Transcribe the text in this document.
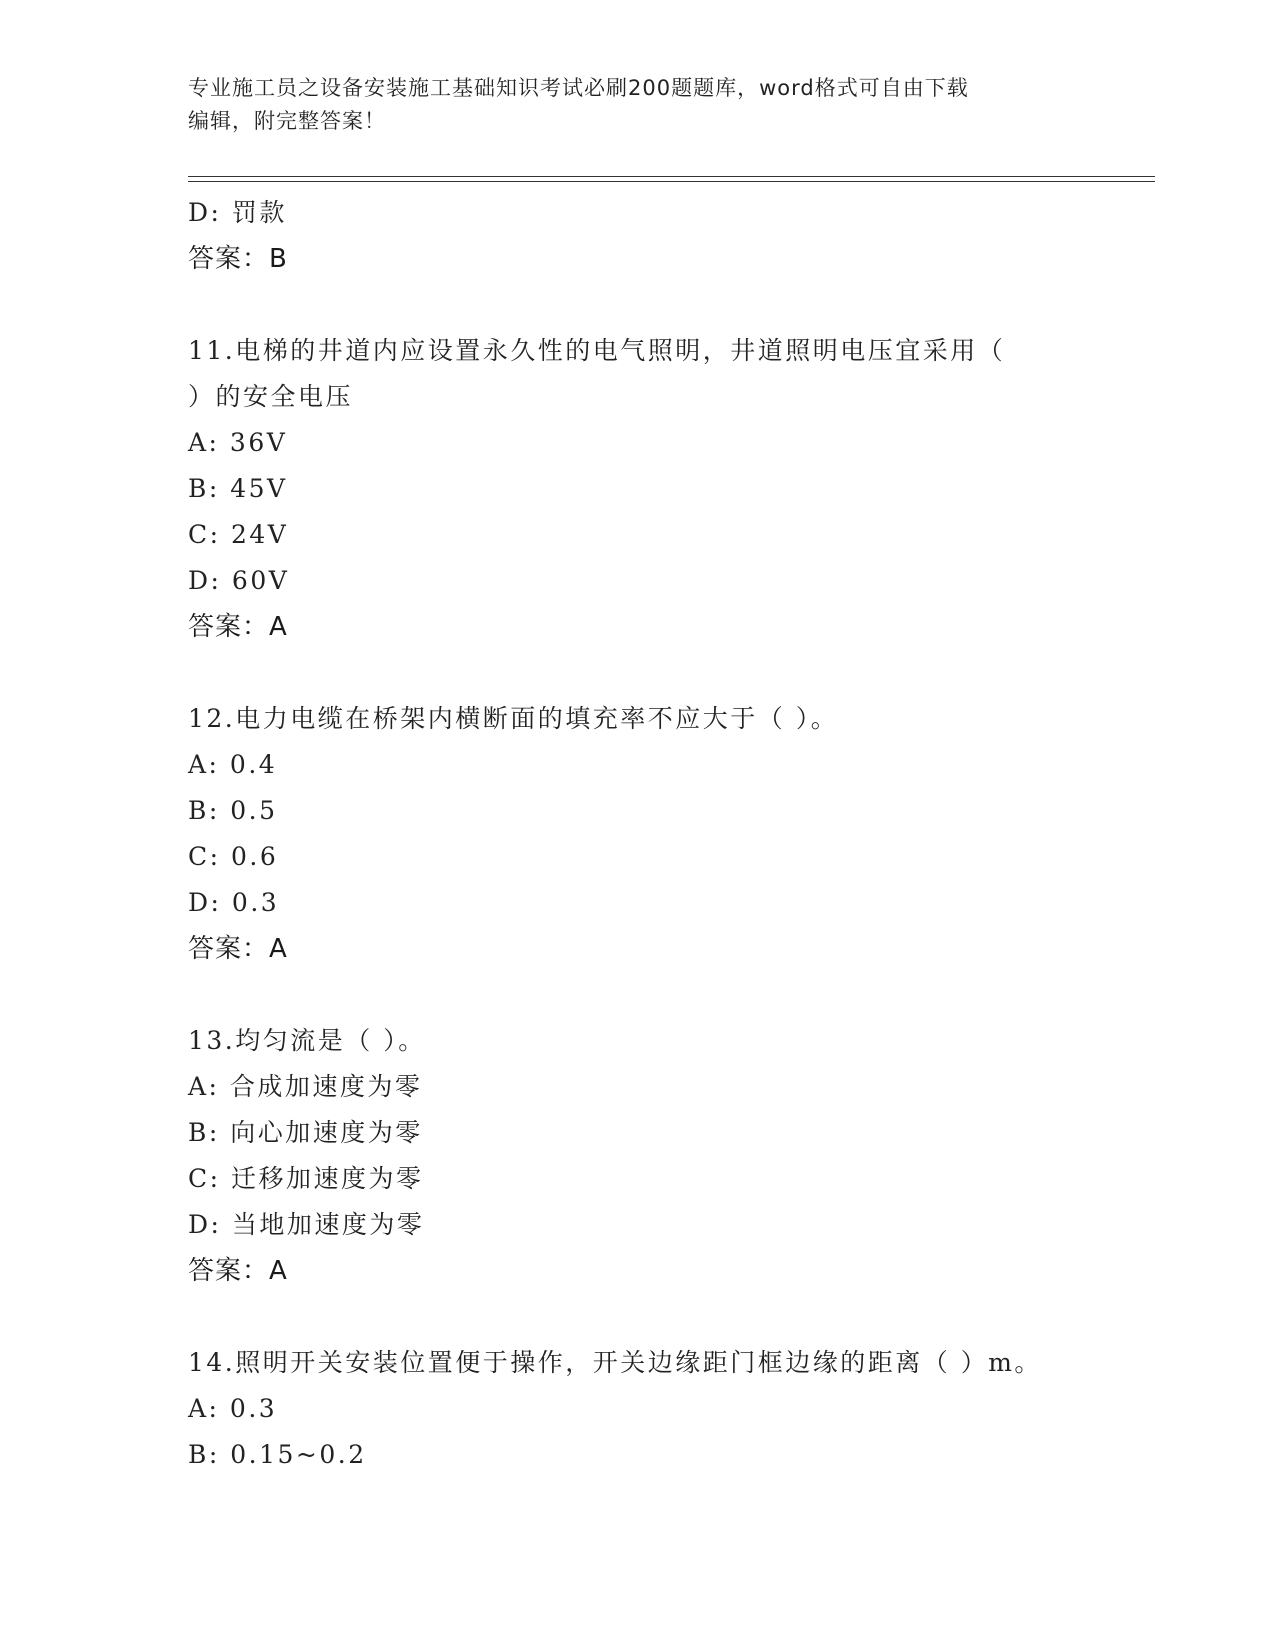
专业施工员之设备安装施工基础知识考试必刷200题题库，word格式可自由下载
编辑，附完整答案！
D: 罚款
答案：B
11.电梯的井道内应设置永久性的电气照明，井道照明电压宜采用（
）的安全电压
A: 36V
B: 45V
C: 24V
D: 60V
答案：A
12.电力电缆在桥架内横断面的填充率不应大于（ ）。
A: 0.4
B: 0.5
C: 0.6
D: 0.3
答案：A
13.均匀流是（ ）。
A: 合成加速度为零
B: 向心加速度为零
C: 迁移加速度为零
D: 当地加速度为零
答案：A
14.照明开关安装位置便于操作，开关边缘距门框边缘的距离（ ）m。
A: 0.3
B: 0.15~0.2
